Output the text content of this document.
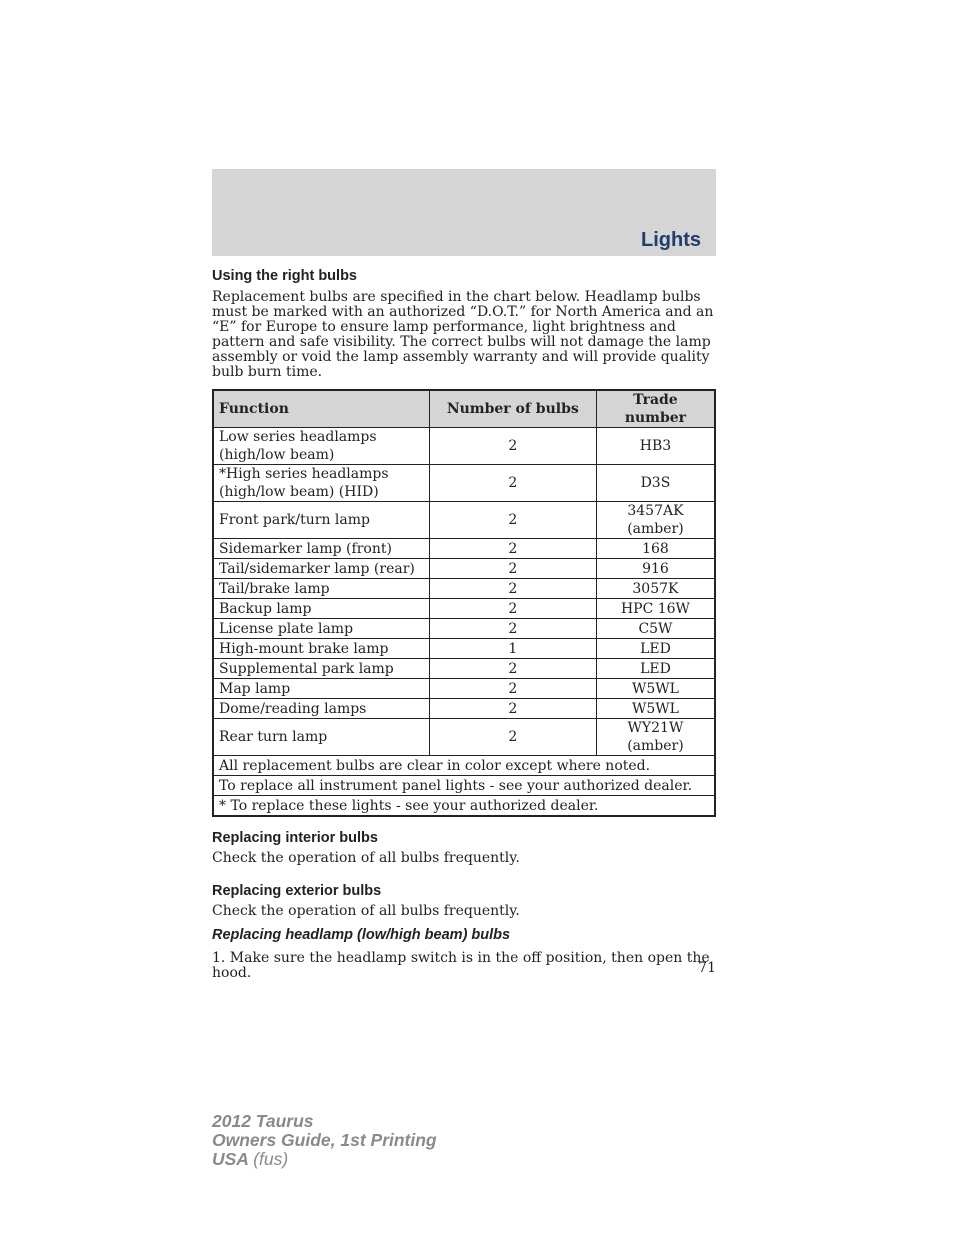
Lights
Using the right bulbs

Replacement bulbs are specified in the chart below. Headlamp bulbs must be marked with an authorized “D.O.T.” for North America and an “E” for Europe to ensure lamp performance, light brightness and pattern and safe visibility. The correct bulbs will not damage the lamp assembly or void the lamp assembly warranty and will provide quality bulb burn time.

Function	Number of bulbs	Trade number
Low series headlamps (high/low beam)	2	HB3
*High series headlamps (high/low beam) (HID)	2	D3S
Front park/turn lamp	2	3457AK (amber)
Sidemarker lamp (front)	2	168
Tail/sidemarker lamp (rear)	2	916
Tail/brake lamp	2	3057K
Backup lamp	2	HPC 16W
License plate lamp	2	C5W
High-mount brake lamp	1	LED
Supplemental park lamp	2	LED
Map lamp	2	W5WL
Dome/reading lamps	2	W5WL
Rear turn lamp	2	WY21W (amber)
All replacement bulbs are clear in color except where noted.		
To replace all instrument panel lights - see your authorized dealer.		
* To replace these lights - see your authorized dealer.		
Replacing interior bulbs

Check the operation of all bulbs frequently.

Replacing exterior bulbs

Check the operation of all bulbs frequently.

Replacing headlamp (low/high beam) bulbs

1. Make sure the headlamp switch is in the off position, then open the hood.	71
2012 Taurus
Owners Guide, 1st Printing
USA (fus)
